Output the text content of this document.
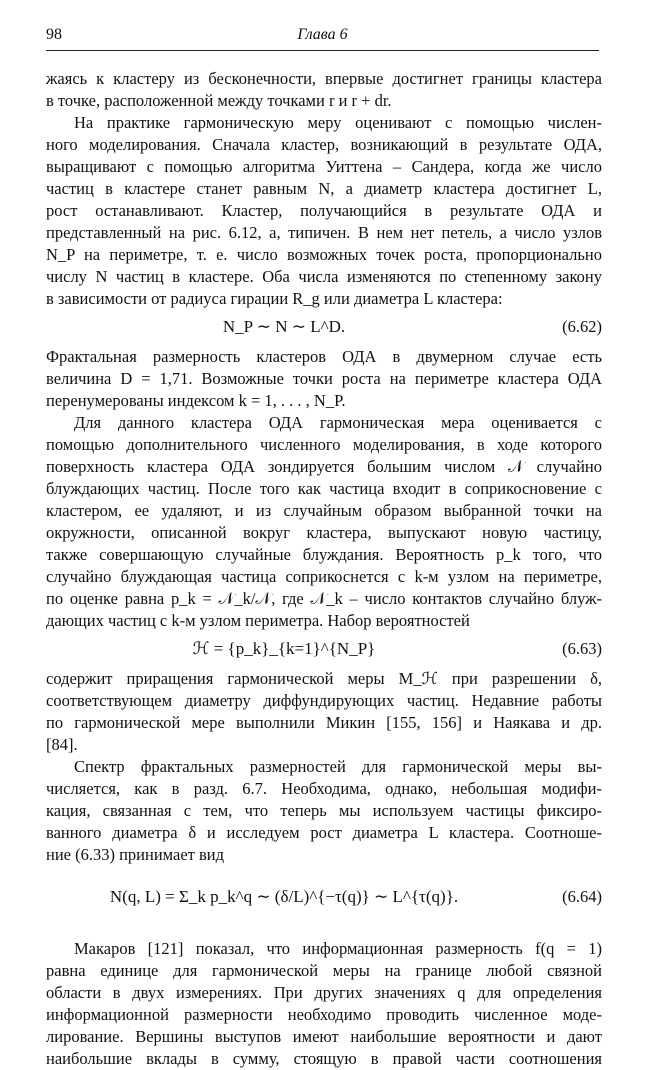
98	Глава 6
жаясь к кластеру из бесконечности, впервые достигнет границы кластера
в точке, расположенной между точками r и r + dr.
На практике гармоническую меру оценивают с помощью числен-
ного моделирования. Сначала кластер, возникающий в результате ОДА,
выращивают с помощью алгоритма Уиттена – Сандера, когда же число
частиц в кластере станет равным N, а диаметр кластера достигнет L,
рост останавливают. Кластер, получающийся в результате ОДА и
представленный на рис. 6.12, a, типичен. В нем нет петель, а число узлов
N_P на периметре, т. е. число возможных точек роста, пропорционально
числу N частиц в кластере. Оба числа изменяются по степенному закону
в зависимости от радиуса гирации R_g или диаметра L кластера:
N_P ∼ N ∼ L^D.	(6.62)
Фрактальная размерность кластеров ОДА в двумерном случае есть
величина D = 1,71. Возможные точки роста на периметре кластера ОДА
перенумерованы индексом k = 1, . . . , N_P.
Для данного кластера ОДА гармоническая мера оценивается с
помощью дополнительного численного моделирования, в ходе которого
поверхность кластера ОДА зондируется большим числом 𝒩 случайно
блуждающих частиц. После того как частица входит в соприкосновение с
кластером, ее удаляют, и из случайным образом выбранной точки на
окружности, описанной вокруг кластера, выпускают новую частицу,
также совершающую случайные блуждания. Вероятность p_k того, что
случайно блуждающая частица соприкоснется с k-м узлом на периметре,
по оценке равна p_k = 𝒩_k/𝒩, где 𝒩_k – число контактов случайно блуж-
дающих частиц с k-м узлом периметра. Набор вероятностей
ℋ = {p_k}_{k=1}^{N_P}	(6.63)
содержит приращения гармонической меры M_ℋ при разрешении δ,
соответствующем диаметру диффундирующих частиц. Недавние работы
по гармонической мере выполнили Микин [155, 156] и Наякава и др.
[84].
Спектр фрактальных размерностей для гармонической меры вы-
числяется, как в разд. 6.7. Необходима, однако, небольшая модифи-
кация, связанная с тем, что теперь мы используем частицы фиксиро-
ванного диаметра δ и исследуем рост диаметра L кластера. Соотноше-
ние (6.33) принимает вид
N(q, L) = Σ_k p_k^q ∼ (δ/L)^{−τ(q)} ∼ L^{τ(q)}.	(6.64)
Макаров [121] показал, что информационная размерность f(q = 1)
равна единице для гармонической меры на границе любой связной
области в двух измерениях. При других значениях q для определения
информационной размерности необходимо проводить численное моде-
лирование. Вершины выступов имеют наибольшие вероятности и дают
наибольшие вклады в сумму, стоящую в правой части соотношения
